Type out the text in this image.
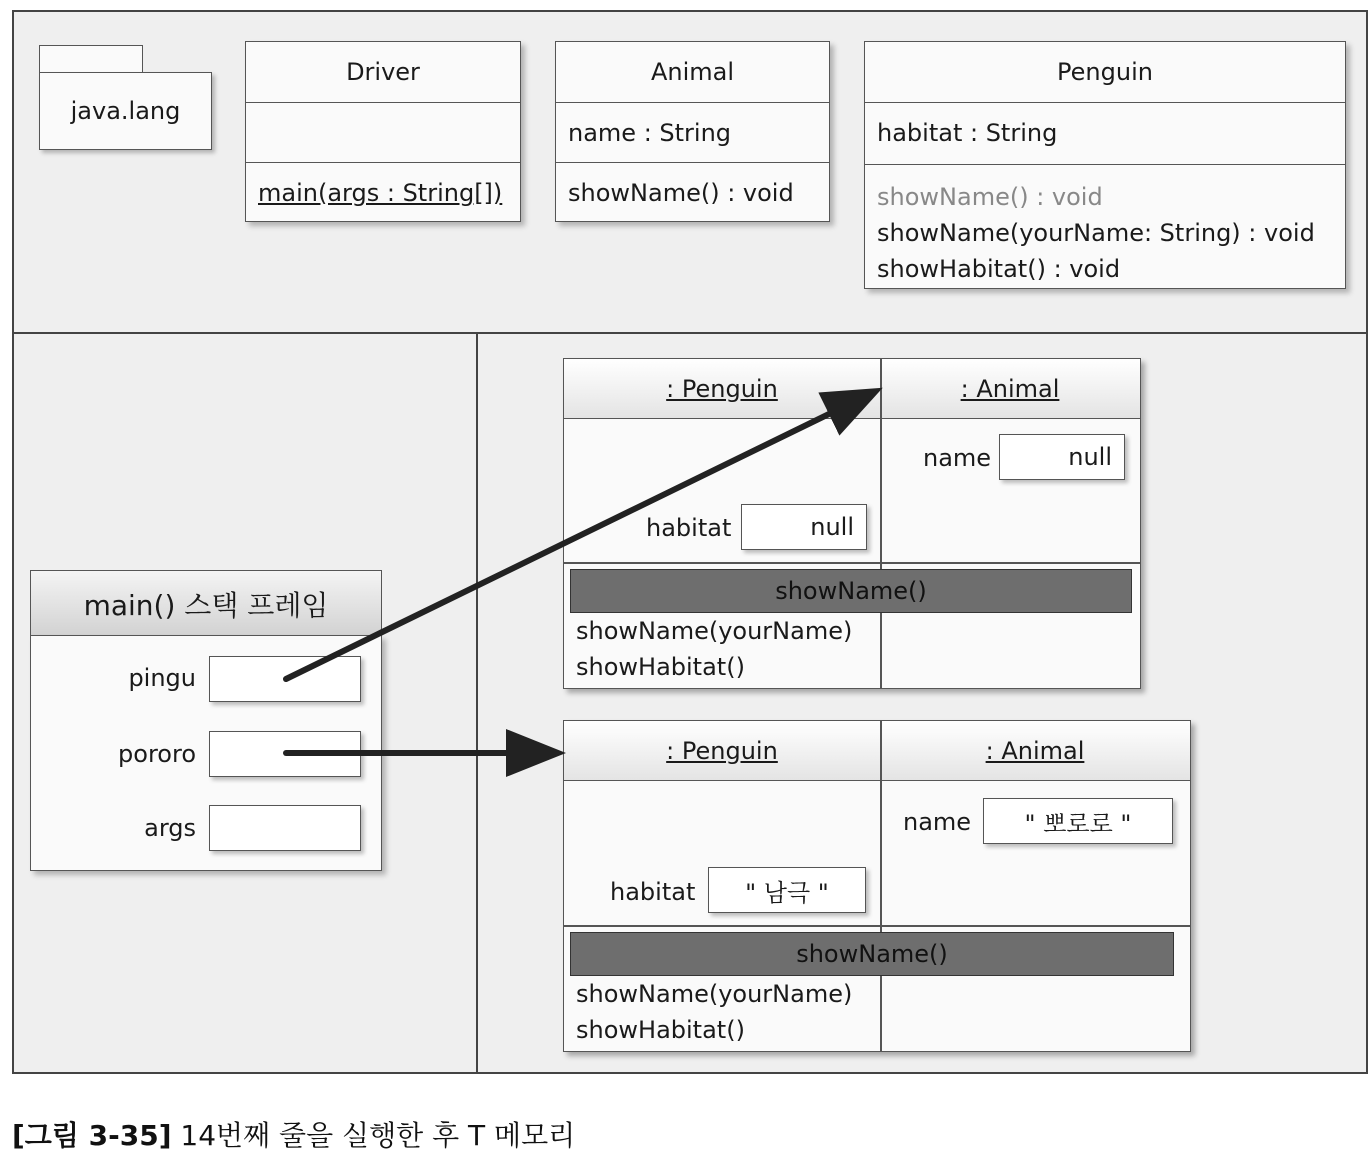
java.lang
Driver
main(args : String[])
Animal
name : String
showName() : void
Penguin
habitat : String
showName() : void
showName(yourName: String) : void
showHabitat() : void
main() 스택 프레임
pingu
pororo
args
: Penguin	: Animal
name	null
habitat	null
showName()
showName(yourName)
showHabitat()
: Penguin	: Animal
name	" 뽀로로 "
habitat	" 남극 "
showName()
showName(yourName)
showHabitat()
[그림 3-35] 14번째 줄을 실행한 후 T 메모리
